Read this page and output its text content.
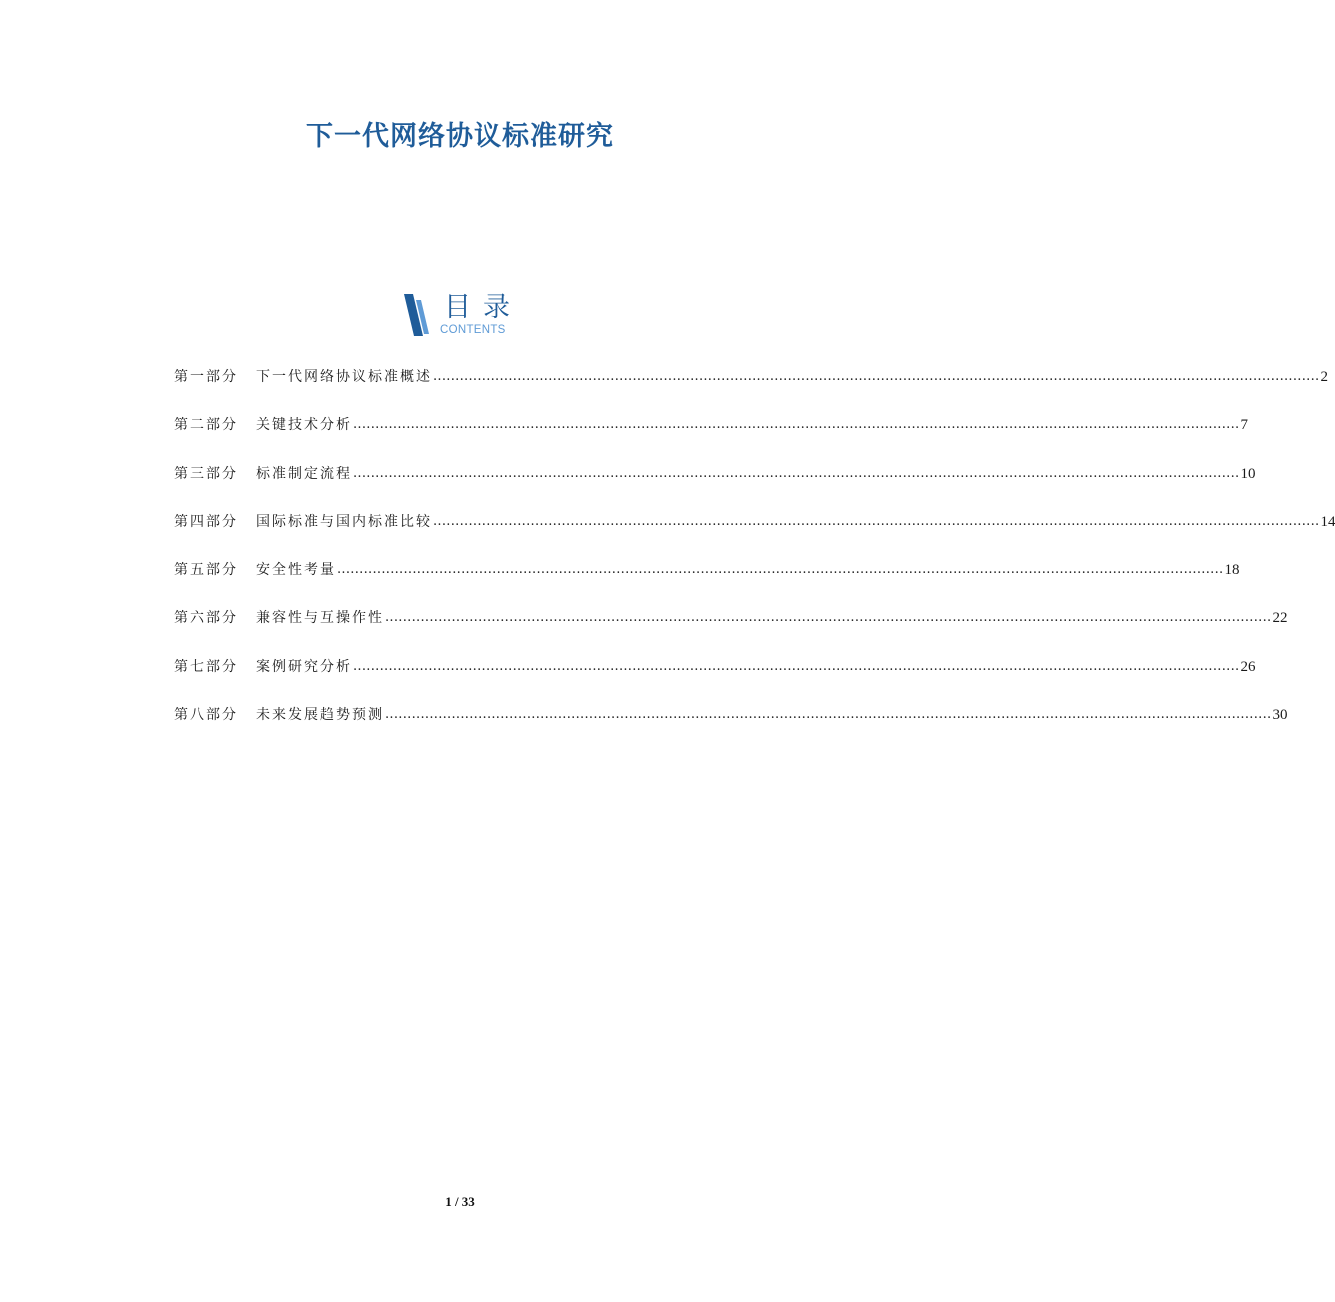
下一代网络协议标准研究
目录
CONTENTS
第一部分	下一代网络协议标准概述 ........................................................................................................................................................................................................ 2
第二部分	关键技术分析 ........................................................................................................................................................................................................ 7
第三部分	标准制定流程 ........................................................................................................................................................................................................ 10
第四部分	国际标准与国内标准比较 ........................................................................................................................................................................................................ 14
第五部分	安全性考量 ........................................................................................................................................................................................................ 18
第六部分	兼容性与互操作性 ........................................................................................................................................................................................................ 22
第七部分	案例研究分析 ........................................................................................................................................................................................................ 26
第八部分	未来发展趋势预测 ........................................................................................................................................................................................................ 30
1 / 33
